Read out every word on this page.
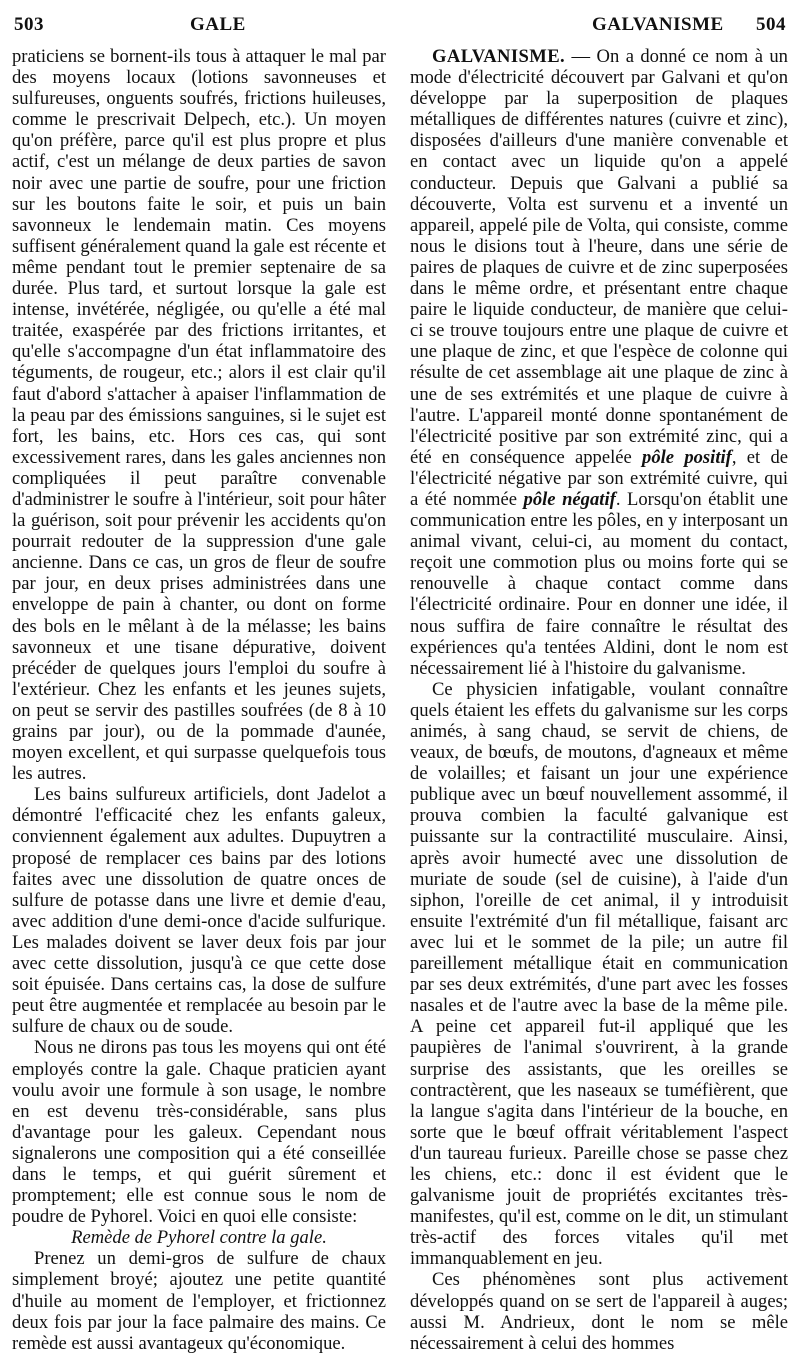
503	GALE	GALVANISME 504

praticiens se bornent-ils tous à attaquer le mal par des moyens locaux (lotions savonneuses et sulfureuses, onguents soufrés, frictions huileuses, comme le prescrivait Delpech, etc.). Un moyen qu'on préfère, parce qu'il est plus propre et plus actif, c'est un mélange de deux parties de savon noir avec une partie de soufre, pour une friction sur les boutons faite le soir, et puis un bain savonneux le lendemain matin. Ces moyens suffisent généralement quand la gale est récente et même pendant tout le premier septenaire de sa durée. Plus tard, et surtout lorsque la gale est intense, invétérée, négligée, ou qu'elle a été mal traitée, exaspérée par des frictions irritantes, et qu'elle s'accompagne d'un état inflammatoire des téguments, de rougeur, etc.; alors il est clair qu'il faut d'abord s'attacher à apaiser l'inflammation de la peau par des émissions sanguines, si le sujet est fort, les bains, etc. Hors ces cas, qui sont excessivement rares, dans les gales anciennes non compliquées il peut paraître convenable d'administrer le soufre à l'intérieur, soit pour hâter la guérison, soit pour prévenir les accidents qu'on pourrait redouter de la suppression d'une gale ancienne. Dans ce cas, un gros de fleur de soufre par jour, en deux prises administrées dans une enveloppe de pain à chanter, ou dont on forme des bols en le mêlant à de la mélasse; les bains savonneux et une tisane dépurative, doivent précéder de quelques jours l'emploi du soufre à l'extérieur. Chez les enfants et les jeunes sujets, on peut se servir des pastilles soufrées (de 8 à 10 grains par jour), ou de la pommade d'aunée, moyen excellent, et qui surpasse quelquefois tous les autres.

Les bains sulfureux artificiels, dont Jadelot a démontré l'efficacité chez les enfants galeux, conviennent également aux adultes. Dupuytren a proposé de remplacer ces bains par des lotions faites avec une dissolution de quatre onces de sulfure de potasse dans une livre et demie d'eau, avec addition d'une demi-once d'acide sulfurique. Les malades doivent se laver deux fois par jour avec cette dissolution, jusqu'à ce que cette dose soit épuisée. Dans certains cas, la dose de sulfure peut être augmentée et remplacée au besoin par le sulfure de chaux ou de soude.

Nous ne dirons pas tous les moyens qui ont été employés contre la gale. Chaque praticien ayant voulu avoir une formule à son usage, le nombre en est devenu très-considérable, sans plus d'avantage pour les galeux. Cependant nous signalerons une composition qui a été conseillée dans le temps, et qui guérit sûrement et promptement; elle est connue sous le nom de poudre de Pyhorel. Voici en quoi elle consiste:

Remède de Pyhorel contre la gale.

Prenez un demi-gros de sulfure de chaux simplement broyé; ajoutez une petite quantité d'huile au moment de l'employer, et frictionnez deux fois par jour la face palmaire des mains. Ce remède est aussi avantageux qu'économique.

GALVANISME. — On a donné ce nom à un mode d'électricité découvert par Galvani et qu'on développe par la superposition de plaques métalliques de différentes natures (cuivre et zinc), disposées d'ailleurs d'une manière convenable et en contact avec un liquide qu'on a appelé conducteur. Depuis que Galvani a publié sa découverte, Volta est survenu et a inventé un appareil, appelé pile de Volta, qui consiste, comme nous le disions tout à l'heure, dans une série de paires de plaques de cuivre et de zinc superposées dans le même ordre, et présentant entre chaque paire le liquide conducteur, de manière que celui-ci se trouve toujours entre une plaque de cuivre et une plaque de zinc, et que l'espèce de colonne qui résulte de cet assemblage ait une plaque de zinc à une de ses extrémités et une plaque de cuivre à l'autre. L'appareil monté donne spontanément de l'électricité positive par son extrémité zinc, qui a été en conséquence appelée pôle positif, et de l'électricité négative par son extrémité cuivre, qui a été nommée pôle négatif. Lorsqu'on établit une communication entre les pôles, en y interposant un animal vivant, celui-ci, au moment du contact, reçoit une commotion plus ou moins forte qui se renouvelle à chaque contact comme dans l'électricité ordinaire. Pour en donner une idée, il nous suffira de faire connaître le résultat des expériences qu'a tentées Aldini, dont le nom est nécessairement lié à l'histoire du galvanisme.

Ce physicien infatigable, voulant connaître quels étaient les effets du galvanisme sur les corps animés, à sang chaud, se servit de chiens, de veaux, de bœufs, de moutons, d'agneaux et même de volailles; et faisant un jour une expérience publique avec un bœuf nouvellement assommé, il prouva combien la faculté galvanique est puissante sur la contractilité musculaire. Ainsi, après avoir humecté avec une dissolution de muriate de soude (sel de cuisine), à l'aide d'un siphon, l'oreille de cet animal, il y introduisit ensuite l'extrémité d'un fil métallique, faisant arc avec lui et le sommet de la pile; un autre fil pareillement métallique était en communication par ses deux extrémités, d'une part avec les fosses nasales et de l'autre avec la base de la même pile. A peine cet appareil fut-il appliqué que les paupières de l'animal s'ouvrirent, à la grande surprise des assistants, que les oreilles se contractèrent, que les naseaux se tuméfièrent, que la langue s'agita dans l'intérieur de la bouche, en sorte que le bœuf offrait véritablement l'aspect d'un taureau furieux. Pareille chose se passe chez les chiens, etc.: donc il est évident que le galvanisme jouit de propriétés excitantes très-manifestes, qu'il est, comme on le dit, un stimulant très-actif des forces vitales qu'il met immanquablement en jeu.

Ces phénomènes sont plus activement développés quand on se sert de l'appareil à auges; aussi M. Andrieux, dont le nom se mêle nécessairement à celui des hommes
